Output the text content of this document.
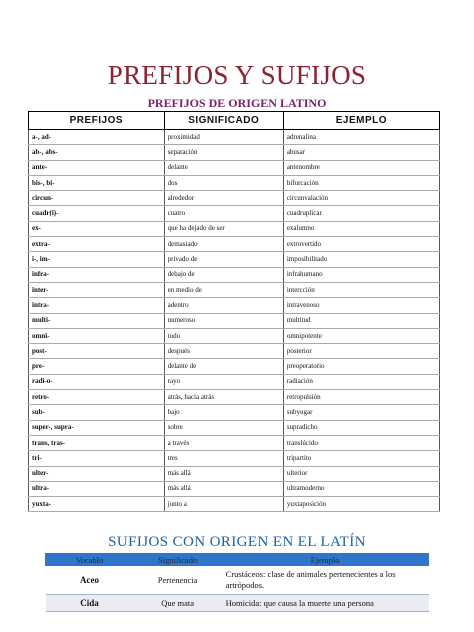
PREFIJOS Y SUFIJOS
PREFIJOS DE ORIGEN LATINO
PREFIJOS	SIGNIFICADO	EJEMPLO
a-, ad-	proximidad	adrenalina
ab-, abs-	separación	abusar
ante-	delante	antenombre
bis-, bi-	dos	bifurcación
circun-	alrededor	circunvalación
cuadr(i)-	cuatro	cuadruplicar
ex-	que ha dejado de ser	exalumno
extra-	demasiado	extrovertido
i-, im-	privado de	imposibilitado
infra-	debajo de	infrahumano
inter-	en medio de	intercción
intra-	adentro	intravenoso
multi-	numeroso	multitud
omni-	todo	omnipotente
post-	después	posterior
pre-	delante de	preoperatorio
radi-o-	rayo	radiación
retro-	atrás, hacia atrás	retropulsión
sub-	bajo	subyugar
super-, supra-	sobre	supradicho
trans, tras-	a través	translúcido
tri-	tres	tripartito
ulter-	más allá	ulterior
ultra-	más allá	ultramoderno
yuxta-	junto a	yuxtaposición
SUFIJOS CON ORIGEN EN EL LATÍN
Vocablo	Significado	Ejemplo
Aceo	Pertenencia	Crustáceos: clase de animales pertenecientes a los artrópodos.
Cida	Que mata	Homicida: que causa la muerte una persona
